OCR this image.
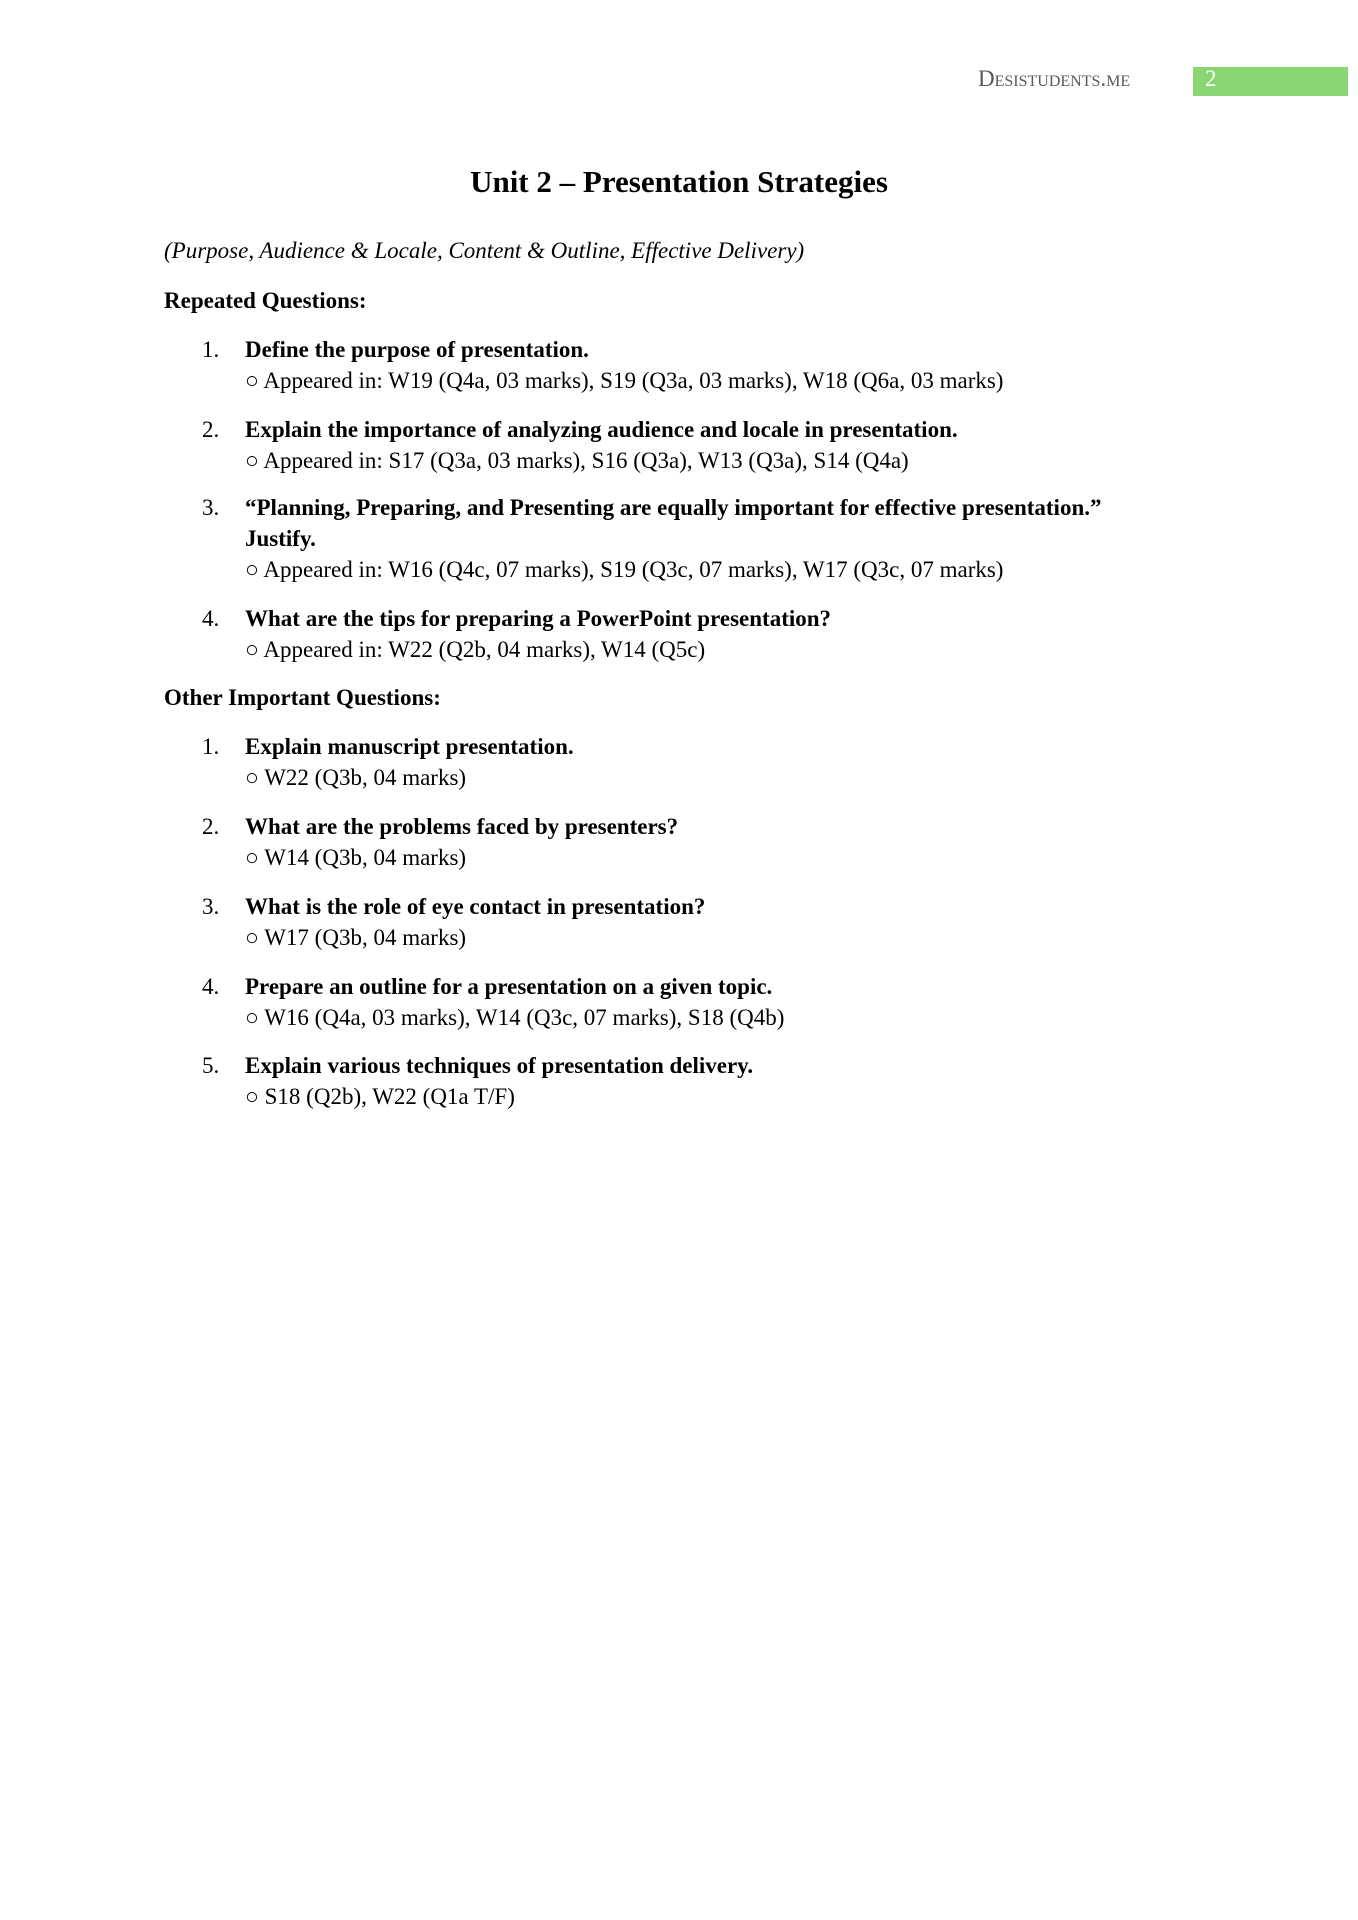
Desistudents.me	2
Unit 2 – Presentation Strategies
(Purpose, Audience & Locale, Content & Outline, Effective Delivery)
Repeated Questions:
1.	Define the purpose of presentation.
○ Appeared in: W19 (Q4a, 03 marks), S19 (Q3a, 03 marks), W18 (Q6a, 03 marks)
2.	Explain the importance of analyzing audience and locale in presentation.
○ Appeared in: S17 (Q3a, 03 marks), S16 (Q3a), W13 (Q3a), S14 (Q4a)
3.	“Planning, Preparing, and Presenting are equally important for effective presentation.”
Justify.
○ Appeared in: W16 (Q4c, 07 marks), S19 (Q3c, 07 marks), W17 (Q3c, 07 marks)
4.	What are the tips for preparing a PowerPoint presentation?
○ Appeared in: W22 (Q2b, 04 marks), W14 (Q5c)
Other Important Questions:
1.	Explain manuscript presentation.
○ W22 (Q3b, 04 marks)
2.	What are the problems faced by presenters?
○ W14 (Q3b, 04 marks)
3.	What is the role of eye contact in presentation?
○ W17 (Q3b, 04 marks)
4.	Prepare an outline for a presentation on a given topic.
○ W16 (Q4a, 03 marks), W14 (Q3c, 07 marks), S18 (Q4b)
5.	Explain various techniques of presentation delivery.
○ S18 (Q2b), W22 (Q1a T/F)
